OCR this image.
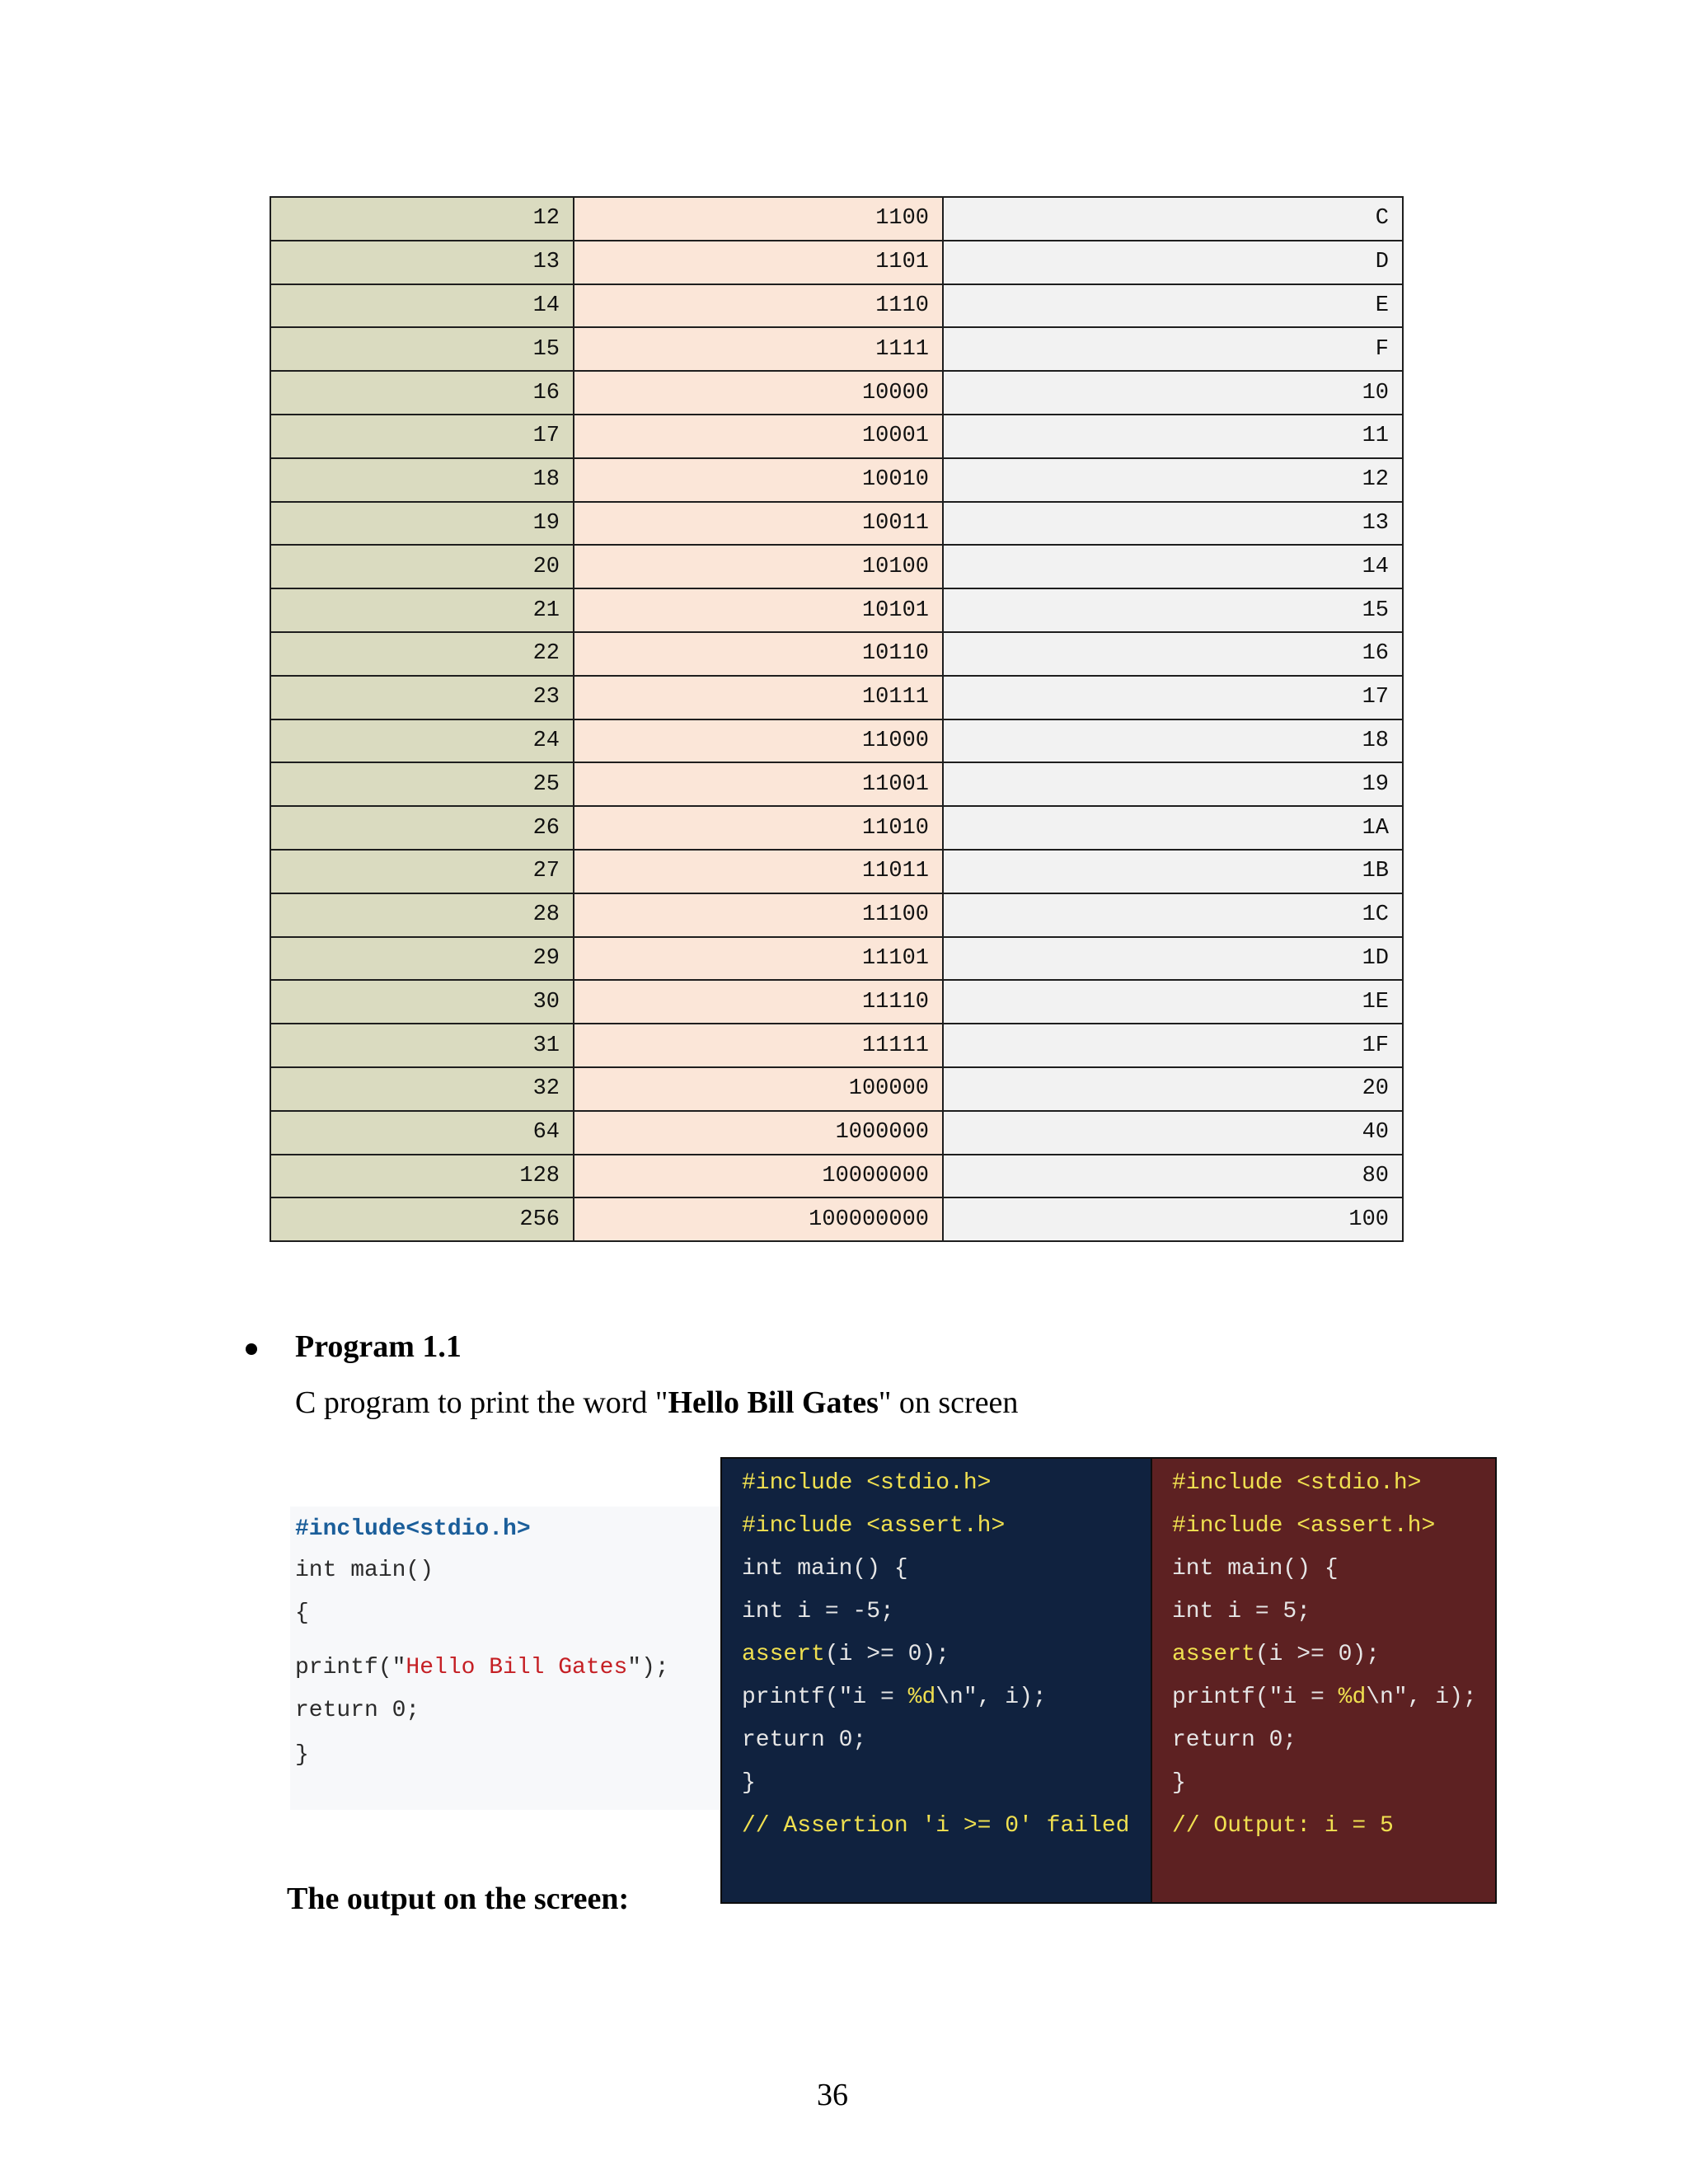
12	1100	C
13	1101	D
14	1110	E
15	1111	F
16	10000	10
17	10001	11
18	10010	12
19	10011	13
20	10100	14
21	10101	15
22	10110	16
23	10111	17
24	11000	18
25	11001	19
26	11010	1A
27	11011	1B
28	11100	1C
29	11101	1D
30	11110	1E
31	11111	1F
32	100000	20
64	1000000	40
128	10000000	80
256	100000000	100
Program 1.1
C program to print the word "Hello Bill Gates" on screen
#include<stdio.h>
int main()
{
printf("Hello Bill Gates");
return 0;
}
#include <stdio.h>
#include <assert.h>
int main() {
int i = -5;
assert(i >= 0);
printf("i = %d\n", i);
return 0;
}
// Assertion 'i >= 0' failed
#include <stdio.h>
#include <assert.h>
int main() {
int i = 5;
assert(i >= 0);
printf("i = %d\n", i);
return 0;
}
// Output: i = 5
The output on the screen:
36
